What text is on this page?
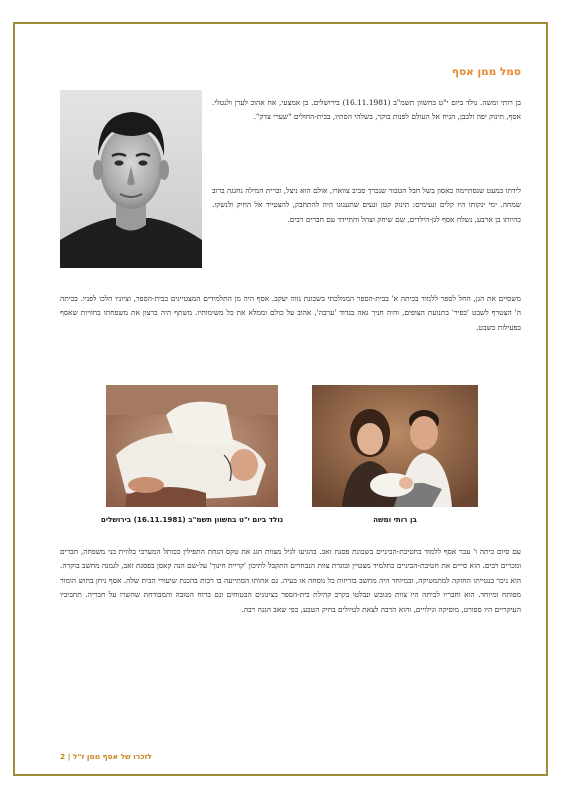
סמל ממן אסף
בן רותי ומשה. נולד ביום י"ט בחשוון תשמ"ב (16.11.1981) בירושלים. בן אמצעי, אח אהוב לערן ולנטלי. אסף, תינוק יפה ולבבן, הגיח אל העולם לפנות בוקר, בשלהי הסתיו, בבית-החולים "שערי צדק".
לידתו כמעט שנסתיימה באסון בשל חבל הטבור שנכרך סביב צווארו, אולם הוא ניצל, וברית המילה נחגגה ברוב שמחה. ימי ינקותו היו קלים ונעימים: תינוק קטן ונעים שתענוגו היה להתחבק, להצטייד אל החיק ולנשקו. בהיותו בן ארבע, נשלח אסף לגן-הילדים, שם שיחק וצהל והתיידד עם חברים רבים.
משסיים את הגן, החל לספר ללמוד בכיתה א' בבית-הספר הממלכתי בשכונת נווה יעקב. אסף היה מן התלמידים המצטיינים בבית-הספר, וציוניו הלכו לפניו. בכיתה ה' הצטרף לשבט 'כפיר' בתנועת הצופים, והיה חניך גאה בגדוד 'ערבה', אהוב על כולם וממלא את כל משימותיו. משתף היה ברצון את משפחתו בחוויות שאסף בפעילות בשבט.
נולד ביום י"ט בחשוון תשמ"ב (16.11.1981) בירושלים	בן רותי ומשה
עם סיום כיתה ו' עבר אסף ללמוד בחטיבת-הביניים בשכונת פסגת זאב. בהגיעו לגיל מצוות חגג את טקס הנחת התפילין בכותל המערבי בלווית בני משפחה, חברים ומכרים רבים. הוא סייים את חטיבת-הביניים כתלמיד מצטיין ובוגרת צוות הנבחרים התקבל לתיכון 'קריית חינוך' על-שם הנה קאסן בפסגת זאב, לגמנה מחשב בוקרה. הוא ניכר בנטייתו החזקה למתמטיקה, ובמיוחד היה מחשב בזריזות כל נוסחה או בעיה. גם אחותו הסתייעה בו רבות בהכנת שיעורי הבית שלה. אסף ניחן בחוש הומור מפותח ומיוחד. הוא וחבריו לכיתה היו צוות מגובש ונבלטו בקרב קהילת בית-הספר בצינונים הבטוחים ונם ברוח הטובה והמבודחת שהשרו על חבריה. תחביביו העיקריים היו ספורט, מוסיקה וגילויים, והוא הרבה לצאת לטיולים בחיק הטבע, כפי שאב הגנה רבה.
לזכרו של אסף ממן ז"ל | 2
